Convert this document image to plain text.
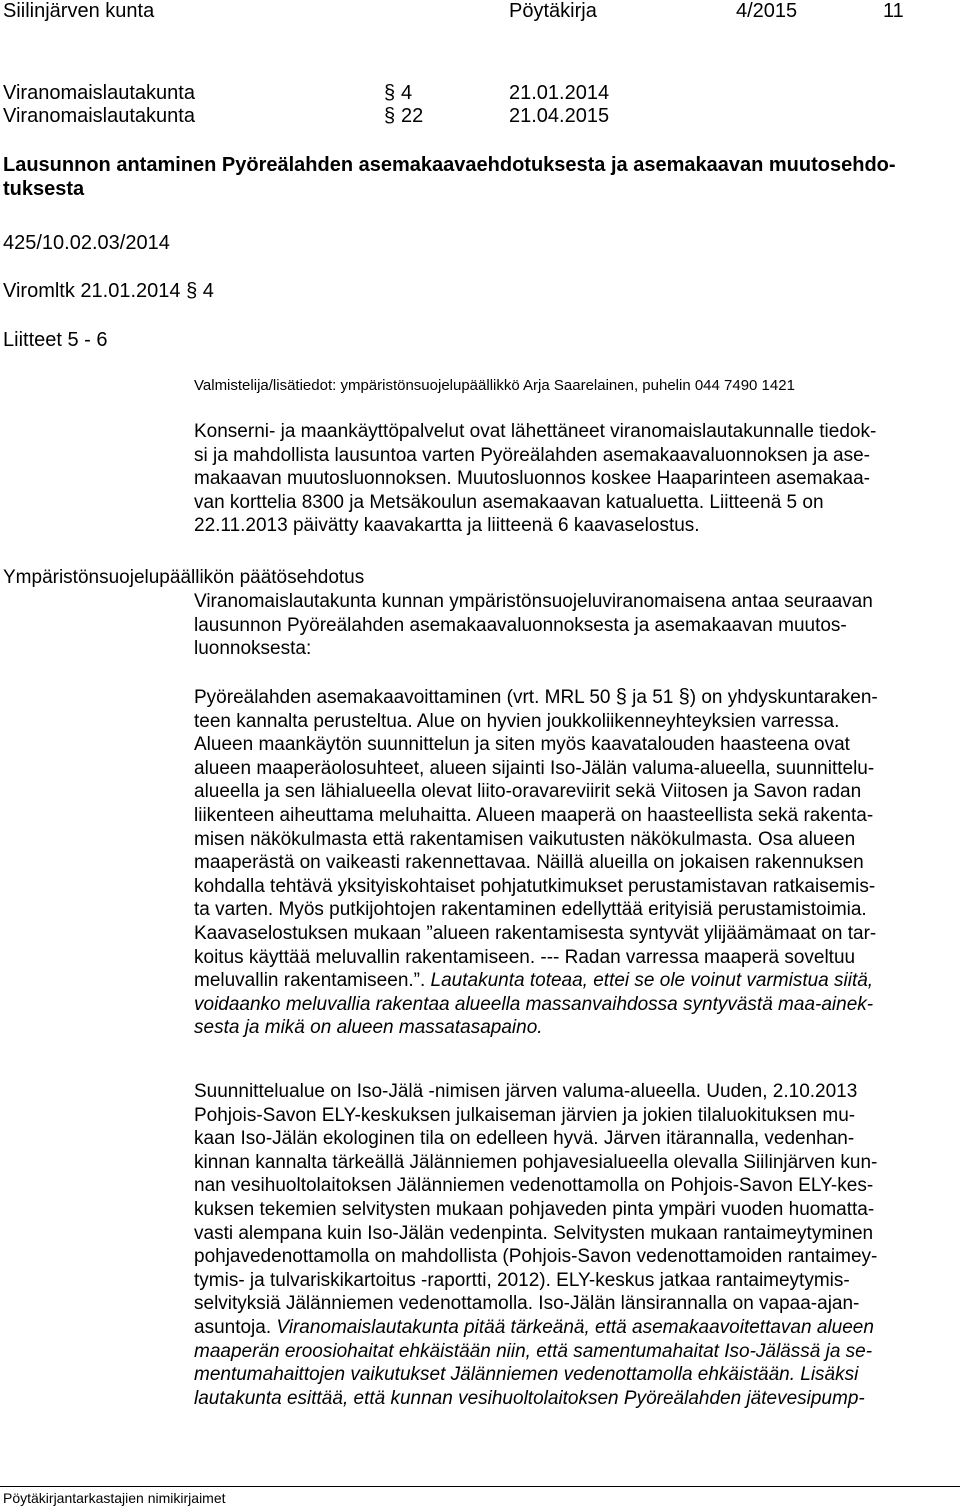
Siilinjärven kunta	Pöytäkirja	4/2015	11
Viranomaislautakunta	§ 4	21.01.2014
Viranomaislautakunta	§ 22	21.04.2015
Lausunnon antaminen Pyöreälahden asemakaavaehdotuksesta ja asemakaavan muutosehdo-
tuksesta
425/10.02.03/2014
Viromltk 21.01.2014 § 4
Liitteet 5 - 6
Valmistelija/lisätiedot: ympäristönsuojelupäällikkö Arja Saarelainen, puhelin 044 7490 1421
Konserni- ja maankäyttöpalvelut ovat lähettäneet viranomaislautakunnalle tiedok-
si ja mahdollista lausuntoa varten Pyöreälahden asemakaavaluonnoksen ja ase-
makaavan muutosluonnoksen. Muutosluonnos koskee Haaparinteen asemakaa-
van korttelia 8300 ja Metsäkoulun asemakaavan katualuetta. Liitteenä 5 on
22.11.2013 päivätty kaavakartta ja liitteenä 6 kaavaselostus.
Ympäristönsuojelupäällikön päätösehdotus
Viranomaislautakunta kunnan ympäristönsuojeluviranomaisena antaa seuraavan
lausunnon Pyöreälahden asemakaavaluonnoksesta ja asemakaavan muutos-
luonnoksesta:
Pyöreälahden asemakaavoittaminen (vrt. MRL 50 § ja 51 §) on yhdyskuntaraken-
teen kannalta perusteltua. Alue on hyvien joukkoliikenneyhteyksien varressa.
Alueen maankäytön suunnittelun ja siten myös kaavatalouden haasteena ovat
alueen maaperäolosuhteet, alueen sijainti Iso-Jälän valuma-alueella, suunnittelu-
alueella ja sen lähialueella olevat liito-oravareviirit sekä Viitosen ja Savon radan
liikenteen aiheuttama meluhaitta. Alueen maaperä on haasteellista sekä rakenta-
misen näkökulmasta että rakentamisen vaikutusten näkökulmasta. Osa alueen
maaperästä on vaikeasti rakennettavaa. Näillä alueilla on jokaisen rakennuksen
kohdalla tehtävä yksityiskohtaiset pohjatutkimukset perustamistavan ratkaisemis-
ta varten. Myös putkijohtojen rakentaminen edellyttää erityisiä perustamistoimia.
Kaavaselostuksen mukaan ”alueen rakentamisesta syntyvät ylijäämämaat on tar-
koitus käyttää meluvallin rakentamiseen. --- Radan varressa maaperä soveltuu
meluvallin rakentamiseen.”. Lautakunta toteaa, ettei se ole voinut varmistua siitä,
voidaanko meluvallia rakentaa alueella massanvaihdossa syntyvästä maa-ainek-
sesta ja mikä on alueen massatasapaino.
Suunnittelualue on Iso-Jälä -nimisen järven valuma-alueella. Uuden, 2.10.2013
Pohjois-Savon ELY-keskuksen julkaiseman järvien ja jokien tilaluokituksen mu-
kaan Iso-Jälän ekologinen tila on edelleen hyvä. Järven itärannalla, vedenhan-
kinnan kannalta tärkeällä Jälänniemen pohjavesialueella olevalla Siilinjärven kun-
nan vesihuoltolaitoksen Jälänniemen vedenottamolla on Pohjois-Savon ELY-kes-
kuksen tekemien selvitysten mukaan pohjaveden pinta ympäri vuoden huomatta-
vasti alempana kuin Iso-Jälän vedenpinta. Selvitysten mukaan rantaimeytyminen
pohjavedenottamolla on mahdollista (Pohjois-Savon vedenottamoiden rantaimey-
tymis- ja tulvariskikartoitus -raportti, 2012). ELY-keskus jatkaa rantaimeytymis-
selvityksiä Jälänniemen vedenottamolla. Iso-Jälän länsirannalla on vapaa-ajan-
asuntoja. Viranomaislautakunta pitää tärkeänä, että asemakaavoitettavan alueen
maaperän eroosiohaitat ehkäistään niin, että samentumahaitat Iso-Jälässä ja se-
mentumahaittojen vaikutukset Jälänniemen vedenottamolla ehkäistään. Lisäksi
lautakunta esittää, että kunnan vesihuoltolaitoksen Pyöreälahden jätevesipump-
Pöytäkirjantarkastajien nimikirjaimet
